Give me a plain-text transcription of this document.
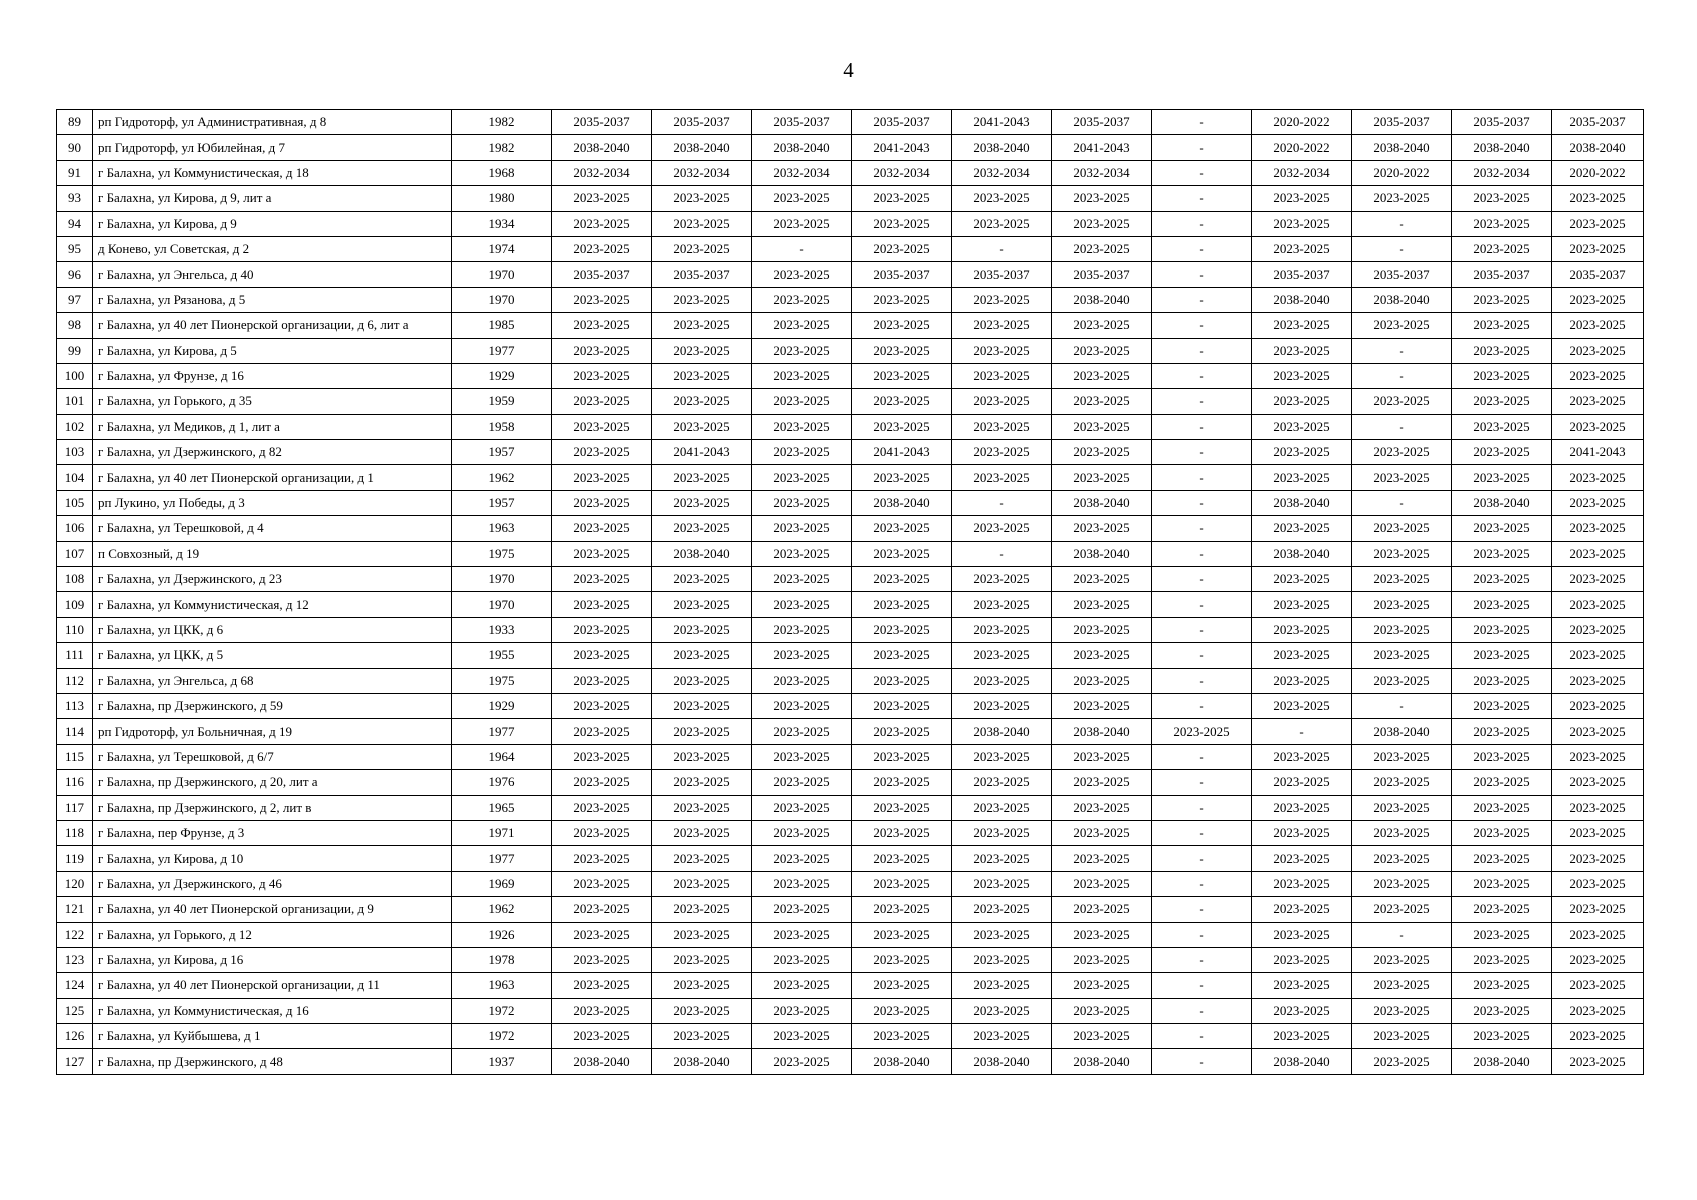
4
89	рп Гидроторф, ул Административная, д 8	1982	2035-2037	2035-2037	2035-2037	2035-2037	2041-2043	2035-2037	-	2020-2022	2035-2037	2035-2037	2035-2037
90	рп Гидроторф, ул Юбилейная, д 7	1982	2038-2040	2038-2040	2038-2040	2041-2043	2038-2040	2041-2043	-	2020-2022	2038-2040	2038-2040	2038-2040
91	г Балахна, ул Коммунистическая, д 18	1968	2032-2034	2032-2034	2032-2034	2032-2034	2032-2034	2032-2034	-	2032-2034	2020-2022	2032-2034	2020-2022
93	г Балахна, ул Кирова, д 9, лит а	1980	2023-2025	2023-2025	2023-2025	2023-2025	2023-2025	2023-2025	-	2023-2025	2023-2025	2023-2025	2023-2025
94	г Балахна, ул Кирова, д 9	1934	2023-2025	2023-2025	2023-2025	2023-2025	2023-2025	2023-2025	-	2023-2025	-	2023-2025	2023-2025
95	д Конево, ул Советская, д 2	1974	2023-2025	2023-2025	-	2023-2025	-	2023-2025	-	2023-2025	-	2023-2025	2023-2025
96	г Балахна, ул Энгельса, д 40	1970	2035-2037	2035-2037	2023-2025	2035-2037	2035-2037	2035-2037	-	2035-2037	2035-2037	2035-2037	2035-2037
97	г Балахна, ул Рязанова, д 5	1970	2023-2025	2023-2025	2023-2025	2023-2025	2023-2025	2038-2040	-	2038-2040	2038-2040	2023-2025	2023-2025
98	г Балахна, ул 40 лет Пионерской организации, д 6, лит а	1985	2023-2025	2023-2025	2023-2025	2023-2025	2023-2025	2023-2025	-	2023-2025	2023-2025	2023-2025	2023-2025
99	г Балахна, ул Кирова, д 5	1977	2023-2025	2023-2025	2023-2025	2023-2025	2023-2025	2023-2025	-	2023-2025	-	2023-2025	2023-2025
100	г Балахна, ул Фрунзе, д 16	1929	2023-2025	2023-2025	2023-2025	2023-2025	2023-2025	2023-2025	-	2023-2025	-	2023-2025	2023-2025
101	г Балахна, ул Горького, д 35	1959	2023-2025	2023-2025	2023-2025	2023-2025	2023-2025	2023-2025	-	2023-2025	2023-2025	2023-2025	2023-2025
102	г Балахна, ул Медиков, д 1, лит а	1958	2023-2025	2023-2025	2023-2025	2023-2025	2023-2025	2023-2025	-	2023-2025	-	2023-2025	2023-2025
103	г Балахна, ул Дзержинского, д 82	1957	2023-2025	2041-2043	2023-2025	2041-2043	2023-2025	2023-2025	-	2023-2025	2023-2025	2023-2025	2041-2043
104	г Балахна, ул 40 лет Пионерской организации, д 1	1962	2023-2025	2023-2025	2023-2025	2023-2025	2023-2025	2023-2025	-	2023-2025	2023-2025	2023-2025	2023-2025
105	рп Лукино, ул Победы, д 3	1957	2023-2025	2023-2025	2023-2025	2038-2040	-	2038-2040	-	2038-2040	-	2038-2040	2023-2025
106	г Балахна, ул Терешковой, д 4	1963	2023-2025	2023-2025	2023-2025	2023-2025	2023-2025	2023-2025	-	2023-2025	2023-2025	2023-2025	2023-2025
107	п Совхозный, д 19	1975	2023-2025	2038-2040	2023-2025	2023-2025	-	2038-2040	-	2038-2040	2023-2025	2023-2025	2023-2025
108	г Балахна, ул Дзержинского, д 23	1970	2023-2025	2023-2025	2023-2025	2023-2025	2023-2025	2023-2025	-	2023-2025	2023-2025	2023-2025	2023-2025
109	г Балахна, ул Коммунистическая, д 12	1970	2023-2025	2023-2025	2023-2025	2023-2025	2023-2025	2023-2025	-	2023-2025	2023-2025	2023-2025	2023-2025
110	г Балахна, ул ЦКК, д 6	1933	2023-2025	2023-2025	2023-2025	2023-2025	2023-2025	2023-2025	-	2023-2025	2023-2025	2023-2025	2023-2025
111	г Балахна, ул ЦКК, д 5	1955	2023-2025	2023-2025	2023-2025	2023-2025	2023-2025	2023-2025	-	2023-2025	2023-2025	2023-2025	2023-2025
112	г Балахна, ул Энгельса, д 68	1975	2023-2025	2023-2025	2023-2025	2023-2025	2023-2025	2023-2025	-	2023-2025	2023-2025	2023-2025	2023-2025
113	г Балахна, пр Дзержинского, д 59	1929	2023-2025	2023-2025	2023-2025	2023-2025	2023-2025	2023-2025	-	2023-2025	-	2023-2025	2023-2025
114	рп Гидроторф, ул Больничная, д 19	1977	2023-2025	2023-2025	2023-2025	2023-2025	2038-2040	2038-2040	2023-2025	-	2038-2040	2023-2025	2023-2025
115	г Балахна, ул Терешковой, д 6/7	1964	2023-2025	2023-2025	2023-2025	2023-2025	2023-2025	2023-2025	-	2023-2025	2023-2025	2023-2025	2023-2025
116	г Балахна, пр Дзержинского, д 20, лит а	1976	2023-2025	2023-2025	2023-2025	2023-2025	2023-2025	2023-2025	-	2023-2025	2023-2025	2023-2025	2023-2025
117	г Балахна, пр Дзержинского, д 2, лит в	1965	2023-2025	2023-2025	2023-2025	2023-2025	2023-2025	2023-2025	-	2023-2025	2023-2025	2023-2025	2023-2025
118	г Балахна, пер Фрунзе, д 3	1971	2023-2025	2023-2025	2023-2025	2023-2025	2023-2025	2023-2025	-	2023-2025	2023-2025	2023-2025	2023-2025
119	г Балахна, ул Кирова, д 10	1977	2023-2025	2023-2025	2023-2025	2023-2025	2023-2025	2023-2025	-	2023-2025	2023-2025	2023-2025	2023-2025
120	г Балахна, ул Дзержинского, д 46	1969	2023-2025	2023-2025	2023-2025	2023-2025	2023-2025	2023-2025	-	2023-2025	2023-2025	2023-2025	2023-2025
121	г Балахна, ул 40 лет Пионерской организации, д 9	1962	2023-2025	2023-2025	2023-2025	2023-2025	2023-2025	2023-2025	-	2023-2025	2023-2025	2023-2025	2023-2025
122	г Балахна, ул Горького, д 12	1926	2023-2025	2023-2025	2023-2025	2023-2025	2023-2025	2023-2025	-	2023-2025	-	2023-2025	2023-2025
123	г Балахна, ул Кирова, д 16	1978	2023-2025	2023-2025	2023-2025	2023-2025	2023-2025	2023-2025	-	2023-2025	2023-2025	2023-2025	2023-2025
124	г Балахна, ул 40 лет Пионерской организации, д 11	1963	2023-2025	2023-2025	2023-2025	2023-2025	2023-2025	2023-2025	-	2023-2025	2023-2025	2023-2025	2023-2025
125	г Балахна, ул Коммунистическая, д 16	1972	2023-2025	2023-2025	2023-2025	2023-2025	2023-2025	2023-2025	-	2023-2025	2023-2025	2023-2025	2023-2025
126	г Балахна, ул Куйбышева, д 1	1972	2023-2025	2023-2025	2023-2025	2023-2025	2023-2025	2023-2025	-	2023-2025	2023-2025	2023-2025	2023-2025
127	г Балахна, пр Дзержинского, д 48	1937	2038-2040	2038-2040	2023-2025	2038-2040	2038-2040	2038-2040	-	2038-2040	2023-2025	2038-2040	2023-2025
